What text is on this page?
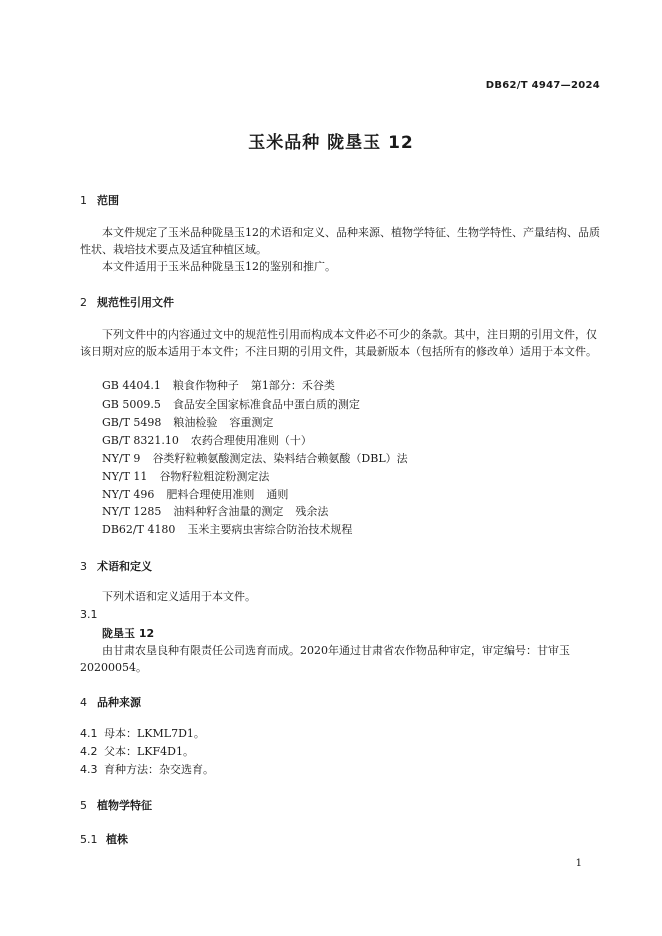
DB62/T 4947—2024
玉米品种 陇垦玉 12
1 范围
本文件规定了玉米品种陇垦玉12的术语和定义、品种来源、植物学特征、生物学特性、产量结构、品质性状、栽培技术要点及适宜种植区域。
本文件适用于玉米品种陇垦玉12的鉴别和推广。
2 规范性引用文件
下列文件中的内容通过文中的规范性引用而构成本文件必不可少的条款。其中，注日期的引用文件，仅该日期对应的版本适用于本文件；不注日期的引用文件，其最新版本（包括所有的修改单）适用于本文件。
GB 4404.1 粮食作物种子 第1部分：禾谷类
GB 5009.5 食品安全国家标准食品中蛋白质的测定
GB/T 5498 粮油检验 容重测定
GB/T 8321.10 农药合理使用准则（十）
NY/T 9 谷类籽粒赖氨酸测定法、染料结合赖氨酸（DBL）法
NY/T 11 谷物籽粒粗淀粉测定法
NY/T 496 肥料合理使用准则 通则
NY/T 1285 油料种籽含油量的测定 残余法
DB62/T 4180 玉米主要病虫害综合防治技术规程
3 术语和定义
下列术语和定义适用于本文件。
3.1
陇垦玉 12
由甘肃农垦良种有限责任公司选育而成。2020年通过甘肃省农作物品种审定，审定编号：甘审玉20200054。
4 品种来源
4.1 母本：LKML7D1。
4.2 父本：LKF4D1。
4.3 育种方法：杂交选育。
5 植物学特征
5.1 植株
1
